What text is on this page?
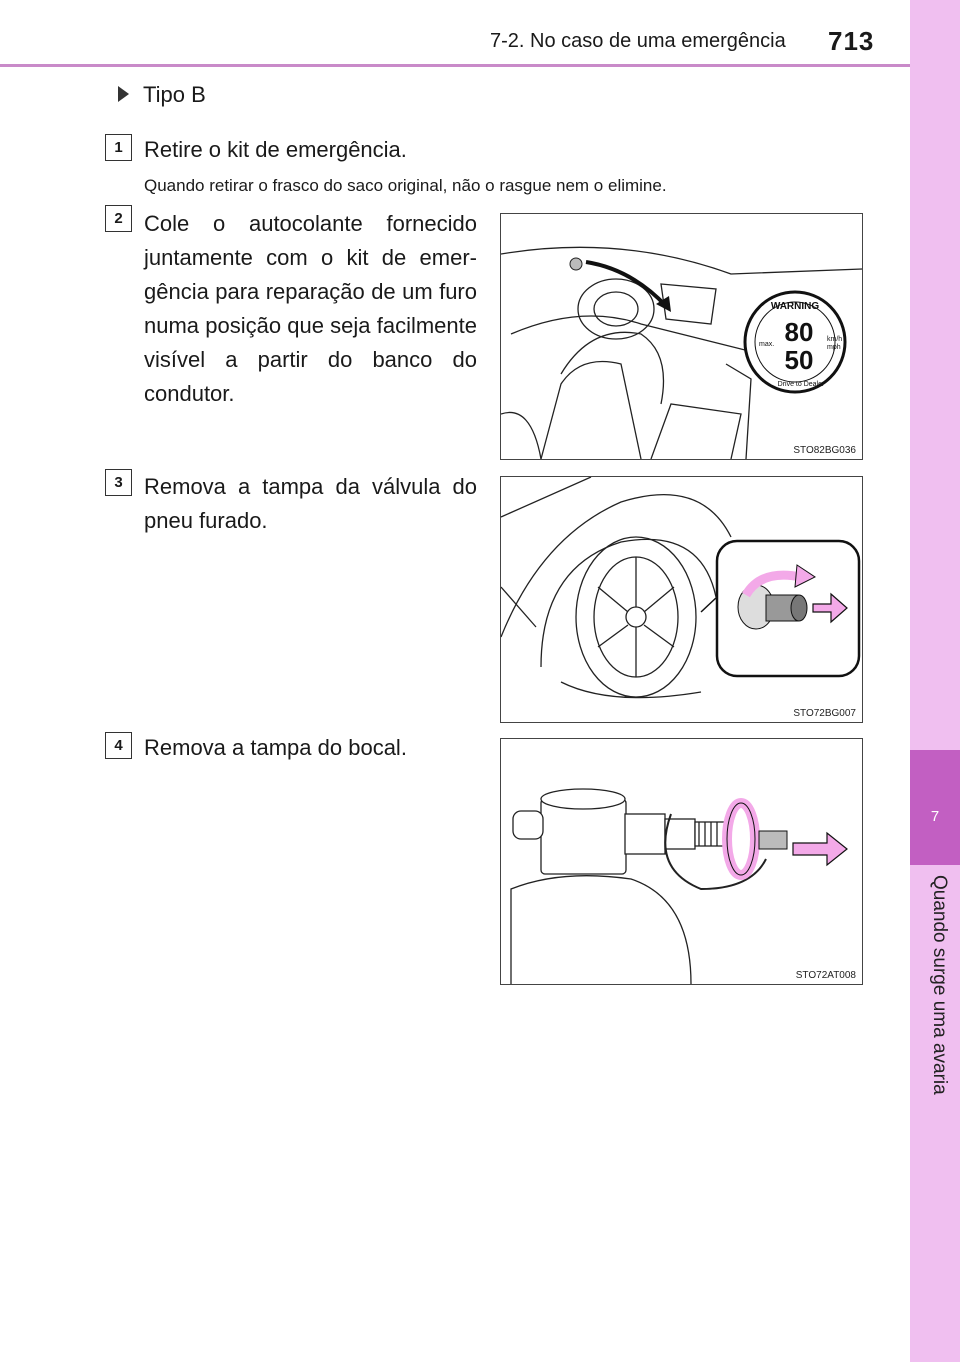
7-2. No caso de uma emergência 713
7
Quando surge uma avaria
Tipo B
1 Retire o kit de emergência.
Quando retirar o frasco do saco original, não o rasgue nem o elimine.
2 Cole o autocolante fornecido juntamente com o kit de emer-gência para reparação de um furo numa posição que seja facilmente visível a partir do banco do condutor.
WARNING
80
50
km/h
mph
max.
Drive to Dealer
STO82BG036
3 Remova a tampa da válvula do pneu furado.
STO72BG007
4 Remova a tampa do bocal.
STO72AT008
